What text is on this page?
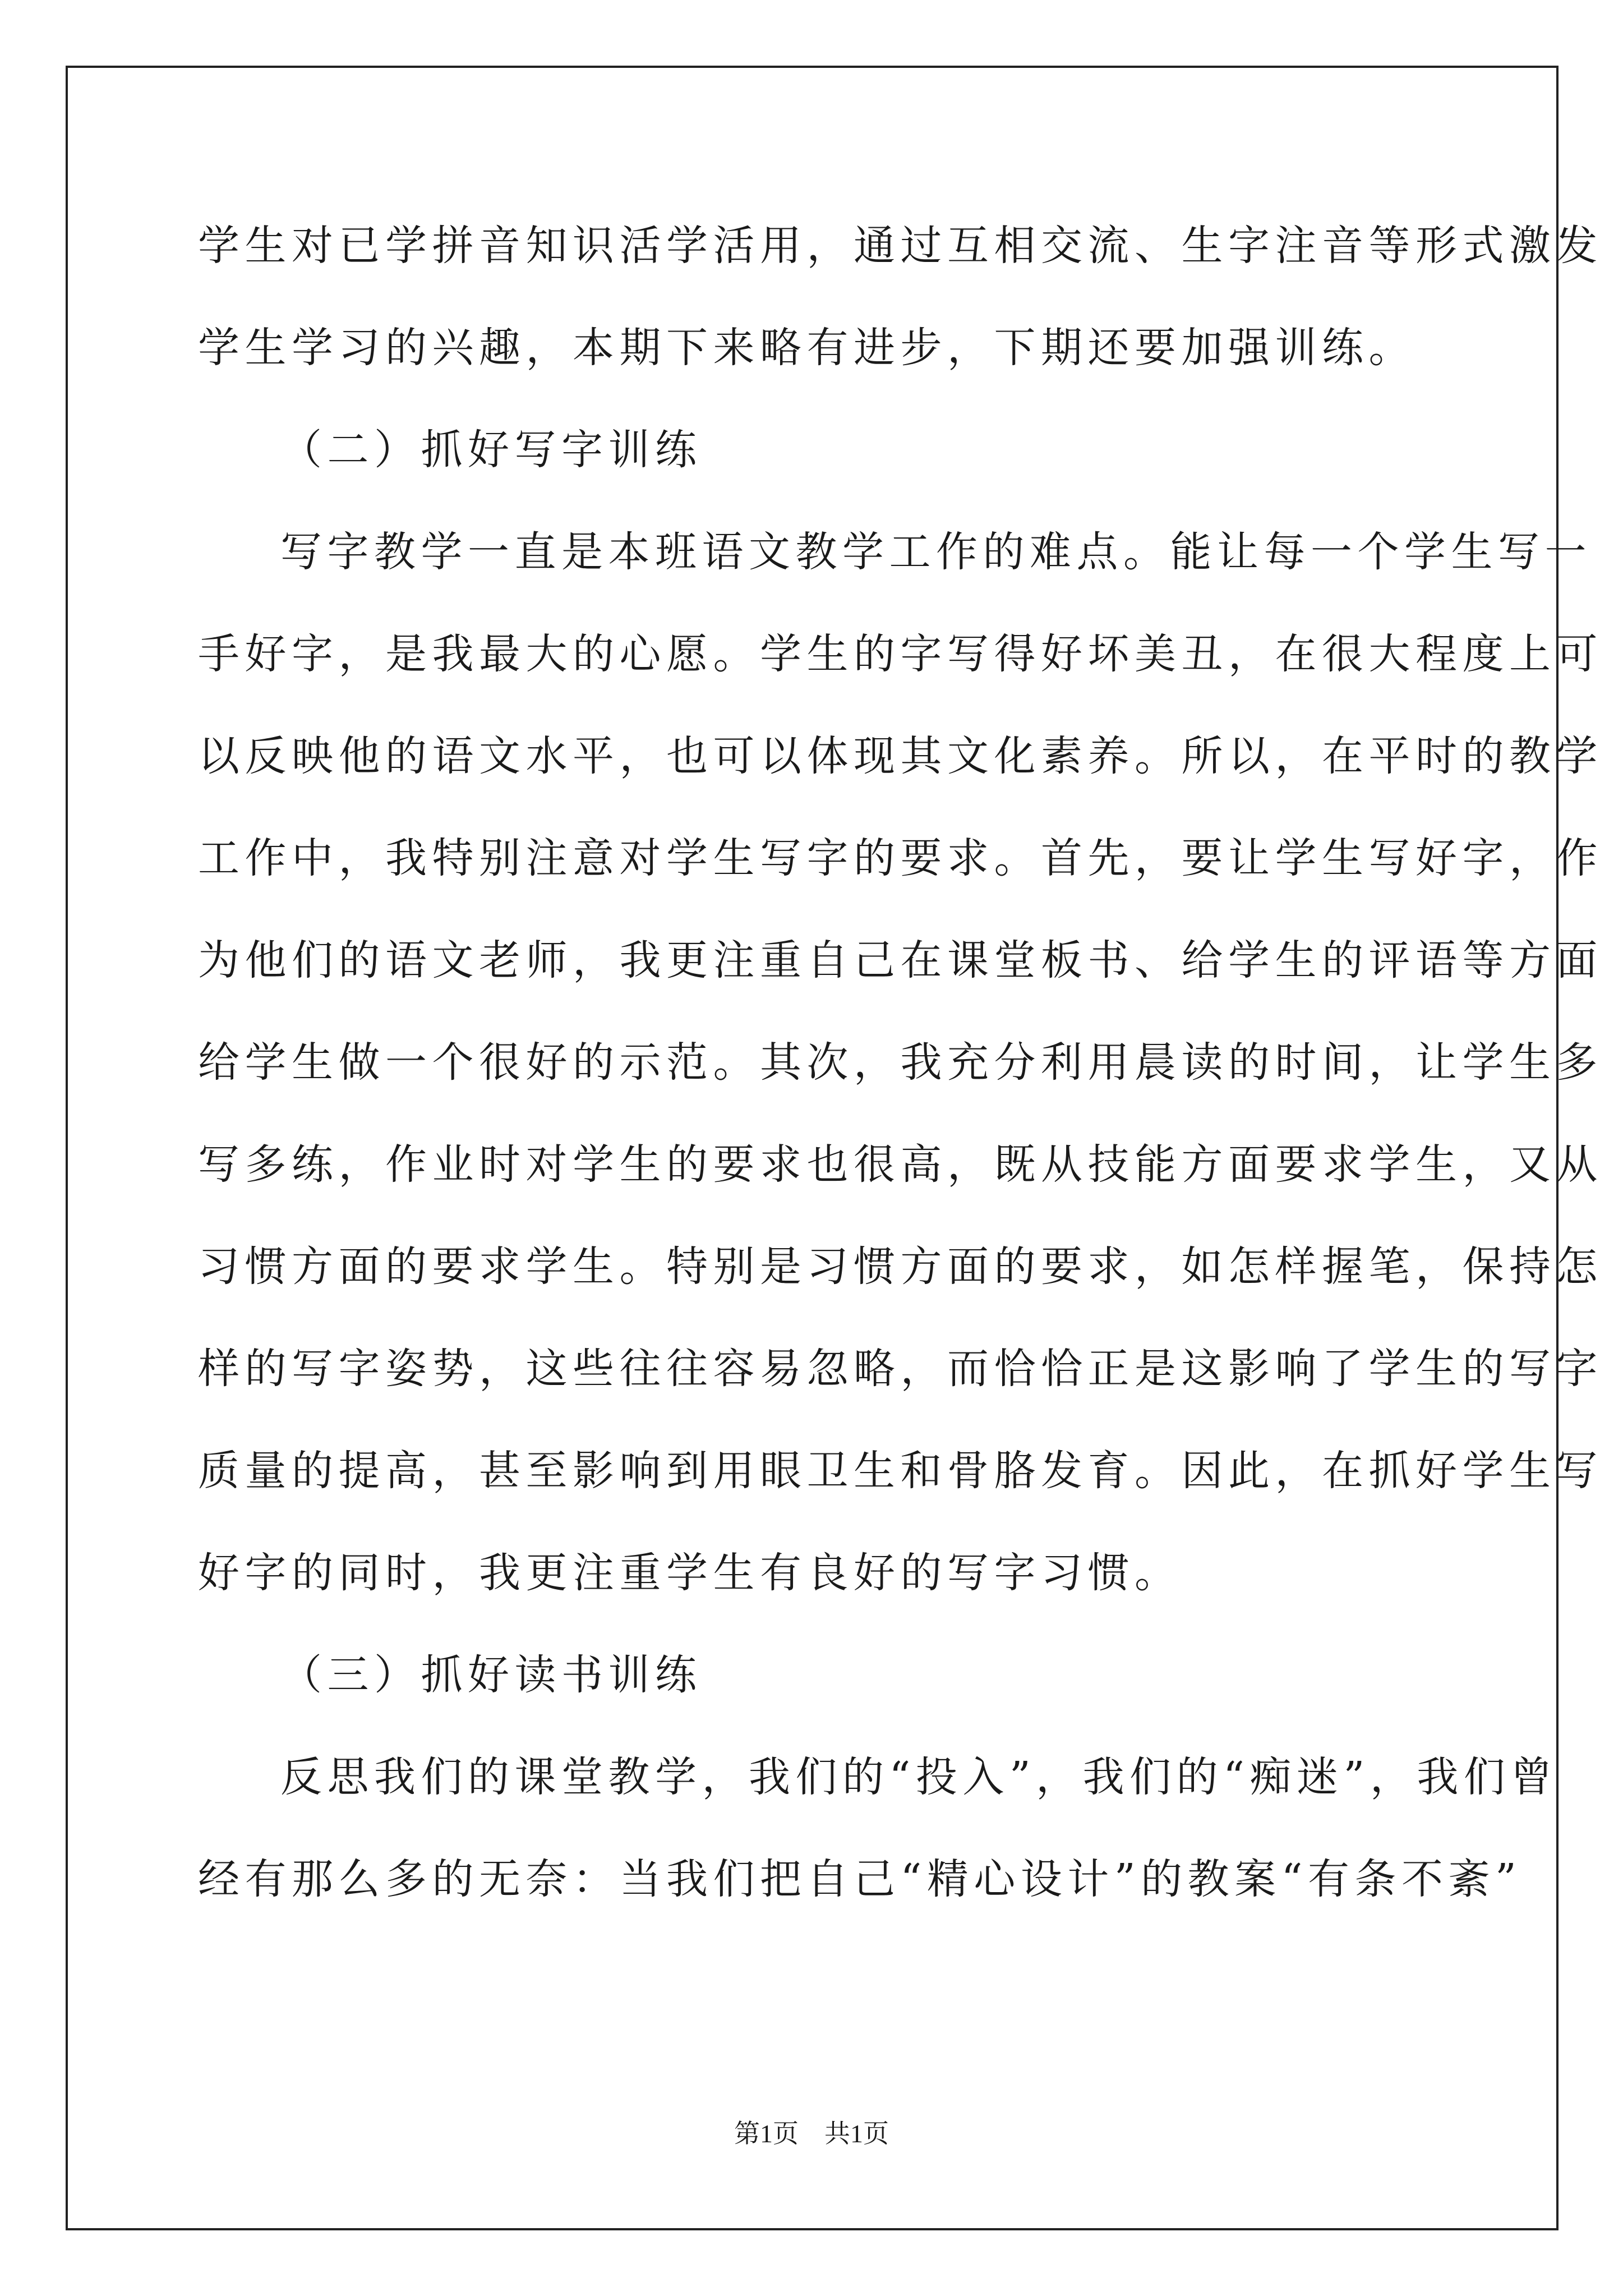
学生对已学拼音知识活学活用，通过互相交流、生字注音等形式激发
学生学习的兴趣，本期下来略有进步，下期还要加强训练。
（二）抓好写字训练
写字教学一直是本班语文教学工作的难点。能让每一个学生写一
手好字，是我最大的心愿。学生的字写得好坏美丑，在很大程度上可
以反映他的语文水平，也可以体现其文化素养。所以，在平时的教学
工作中，我特别注意对学生写字的要求。首先，要让学生写好字，作
为他们的语文老师，我更注重自己在课堂板书、给学生的评语等方面
给学生做一个很好的示范。其次，我充分利用晨读的时间，让学生多
写多练，作业时对学生的要求也很高，既从技能方面要求学生，又从
习惯方面的要求学生。特别是习惯方面的要求，如怎样握笔，保持怎
样的写字姿势，这些往往容易忽略，而恰恰正是这影响了学生的写字
质量的提高，甚至影响到用眼卫生和骨胳发育。因此，在抓好学生写
好字的同时，我更注重学生有良好的写字习惯。
（三）抓好读书训练
反思我们的课堂教学，我们的“投入”，我们的“痴迷”，我们曾
经有那么多的无奈：当我们把自己“精心设计”的教案“有条不紊”
第1页　共1页
